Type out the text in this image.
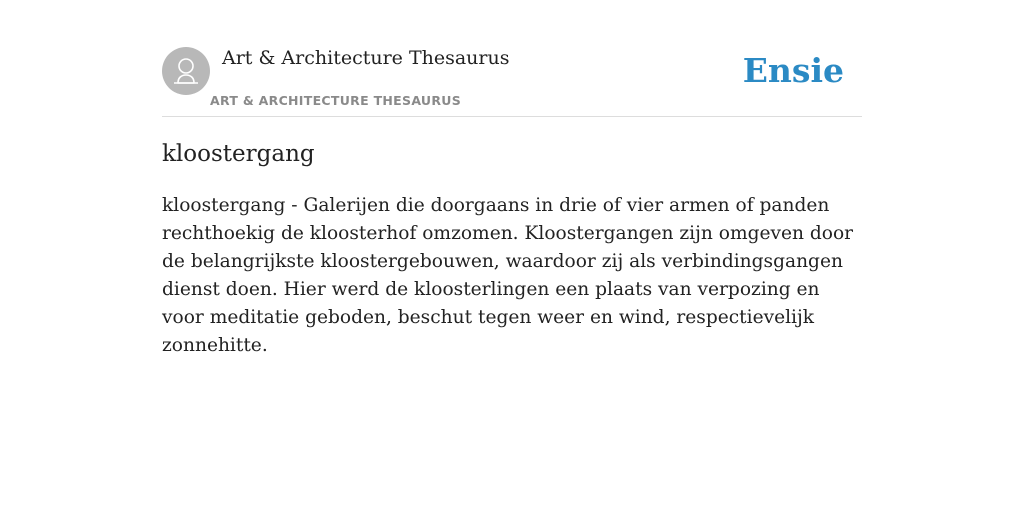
Art & Architecture Thesaurus
ART & ARCHITECTURE THESAURUS
Ensie
kloostergang

kloostergang - Galerijen die doorgaans in drie of vier armen of panden rechthoekig de kloosterhof omzomen. Kloostergangen zijn omgeven door de belangrijkste kloostergebouwen, waardoor zij als verbindingsgangen dienst doen. Hier werd de kloosterlingen een plaats van verpozing en voor meditatie geboden, beschut tegen weer en wind, respectievelijk zonnehitte.
